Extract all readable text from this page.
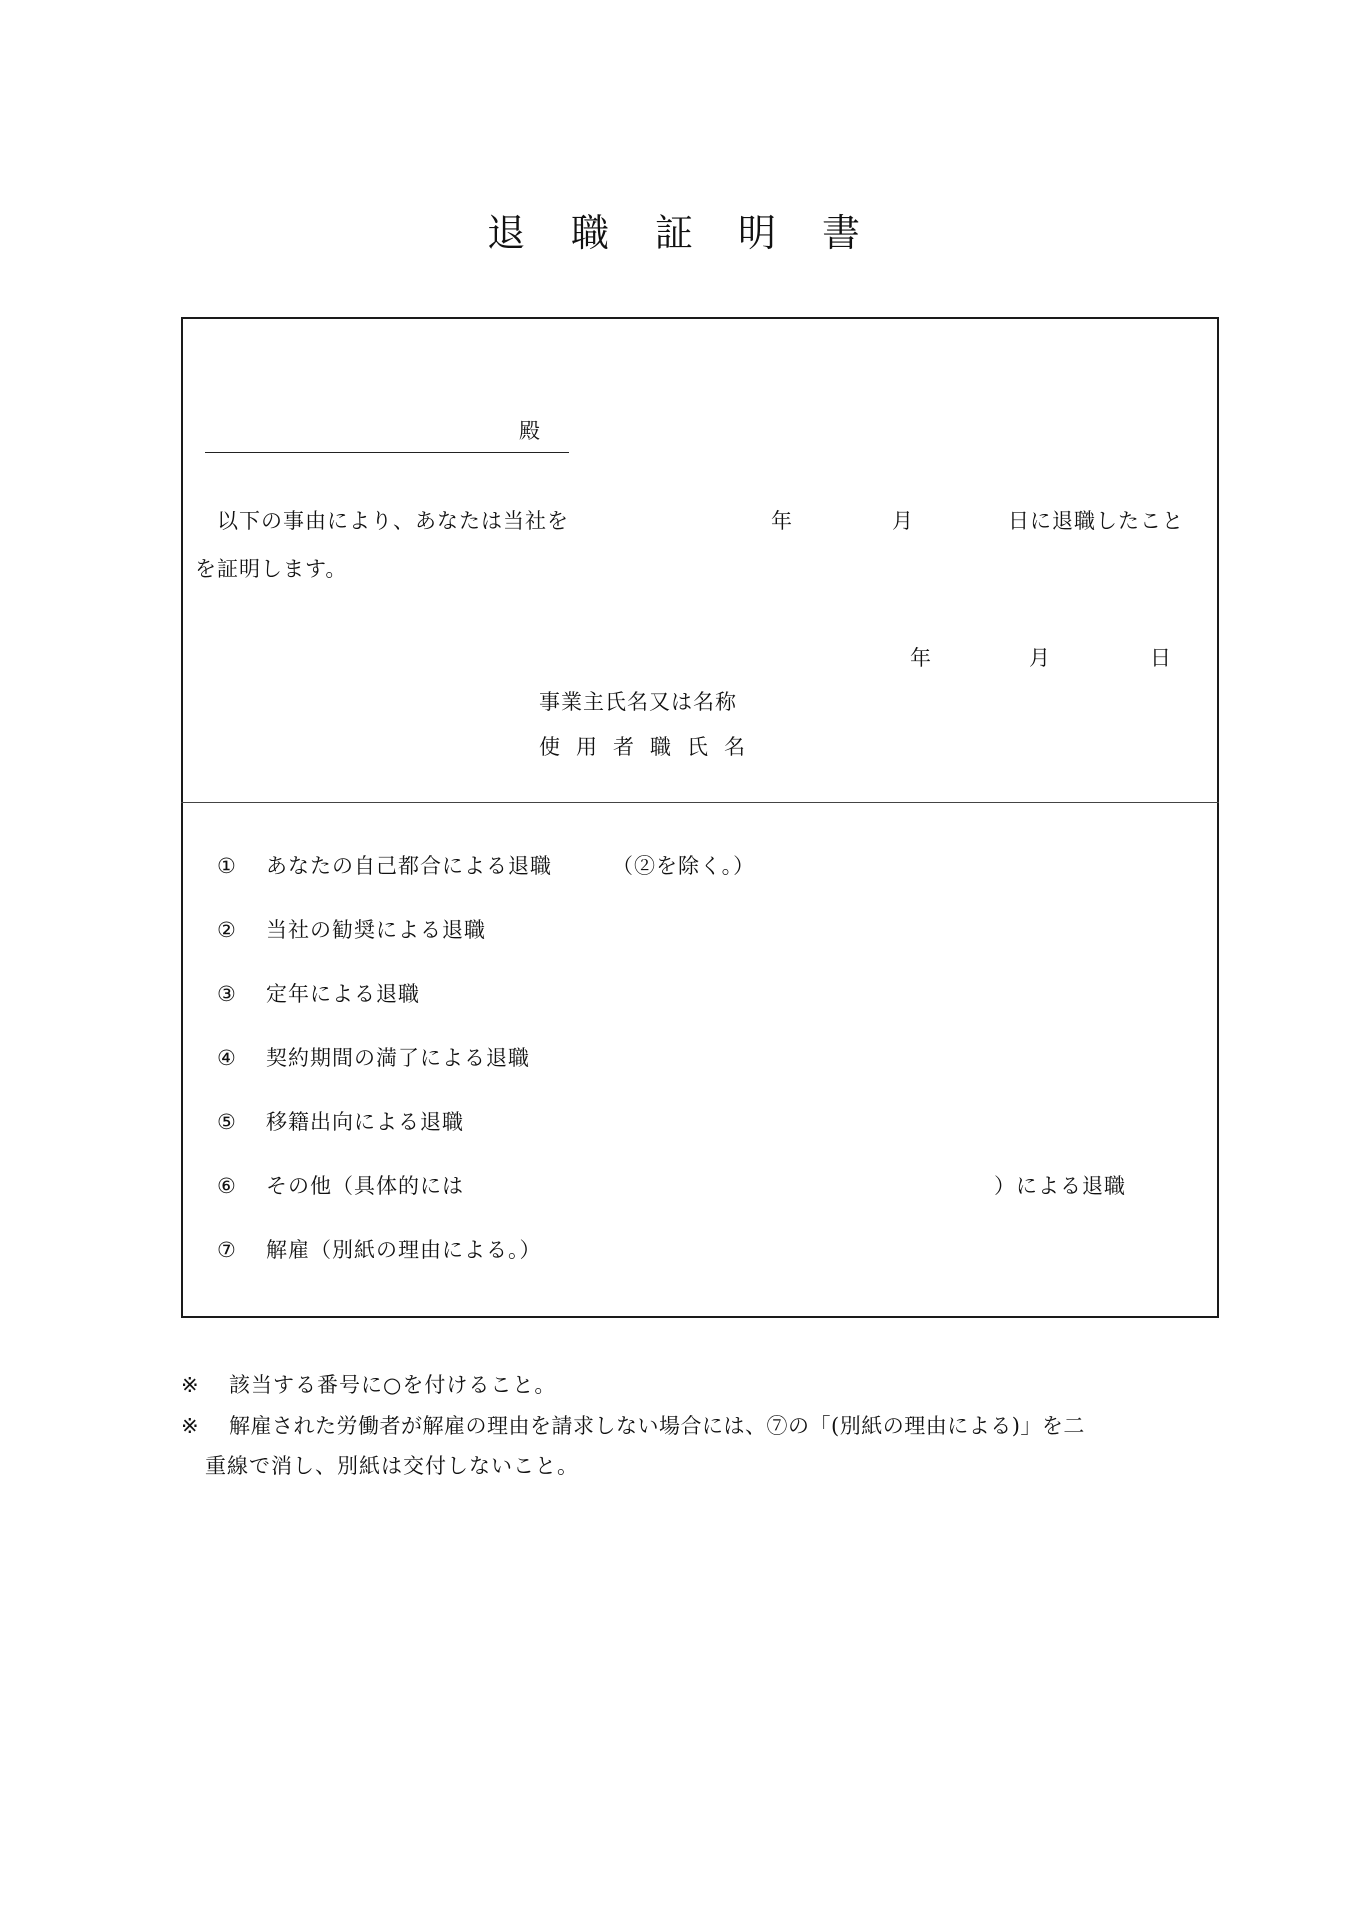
退 職 証 明 書
殿
以下の事由により、あなたは当社を	年	月	日に退職したこと
を証明します。
年	月	日
事業主氏名又は名称
使用者職氏名
① あなたの自己都合による退職	（②を除く。）
② 当社の勧奨による退職
③ 定年による退職
④ 契約期間の満了による退職
⑤ 移籍出向による退職
⑥ その他（具体的には	）による退職
⑦ 解雇（別紙の理由による。）
※ 該当する番号に○を付けること。
※ 解雇された労働者が解雇の理由を請求しない場合には、⑦の「(別紙の理由による)」を二
重線で消し、別紙は交付しないこと。
